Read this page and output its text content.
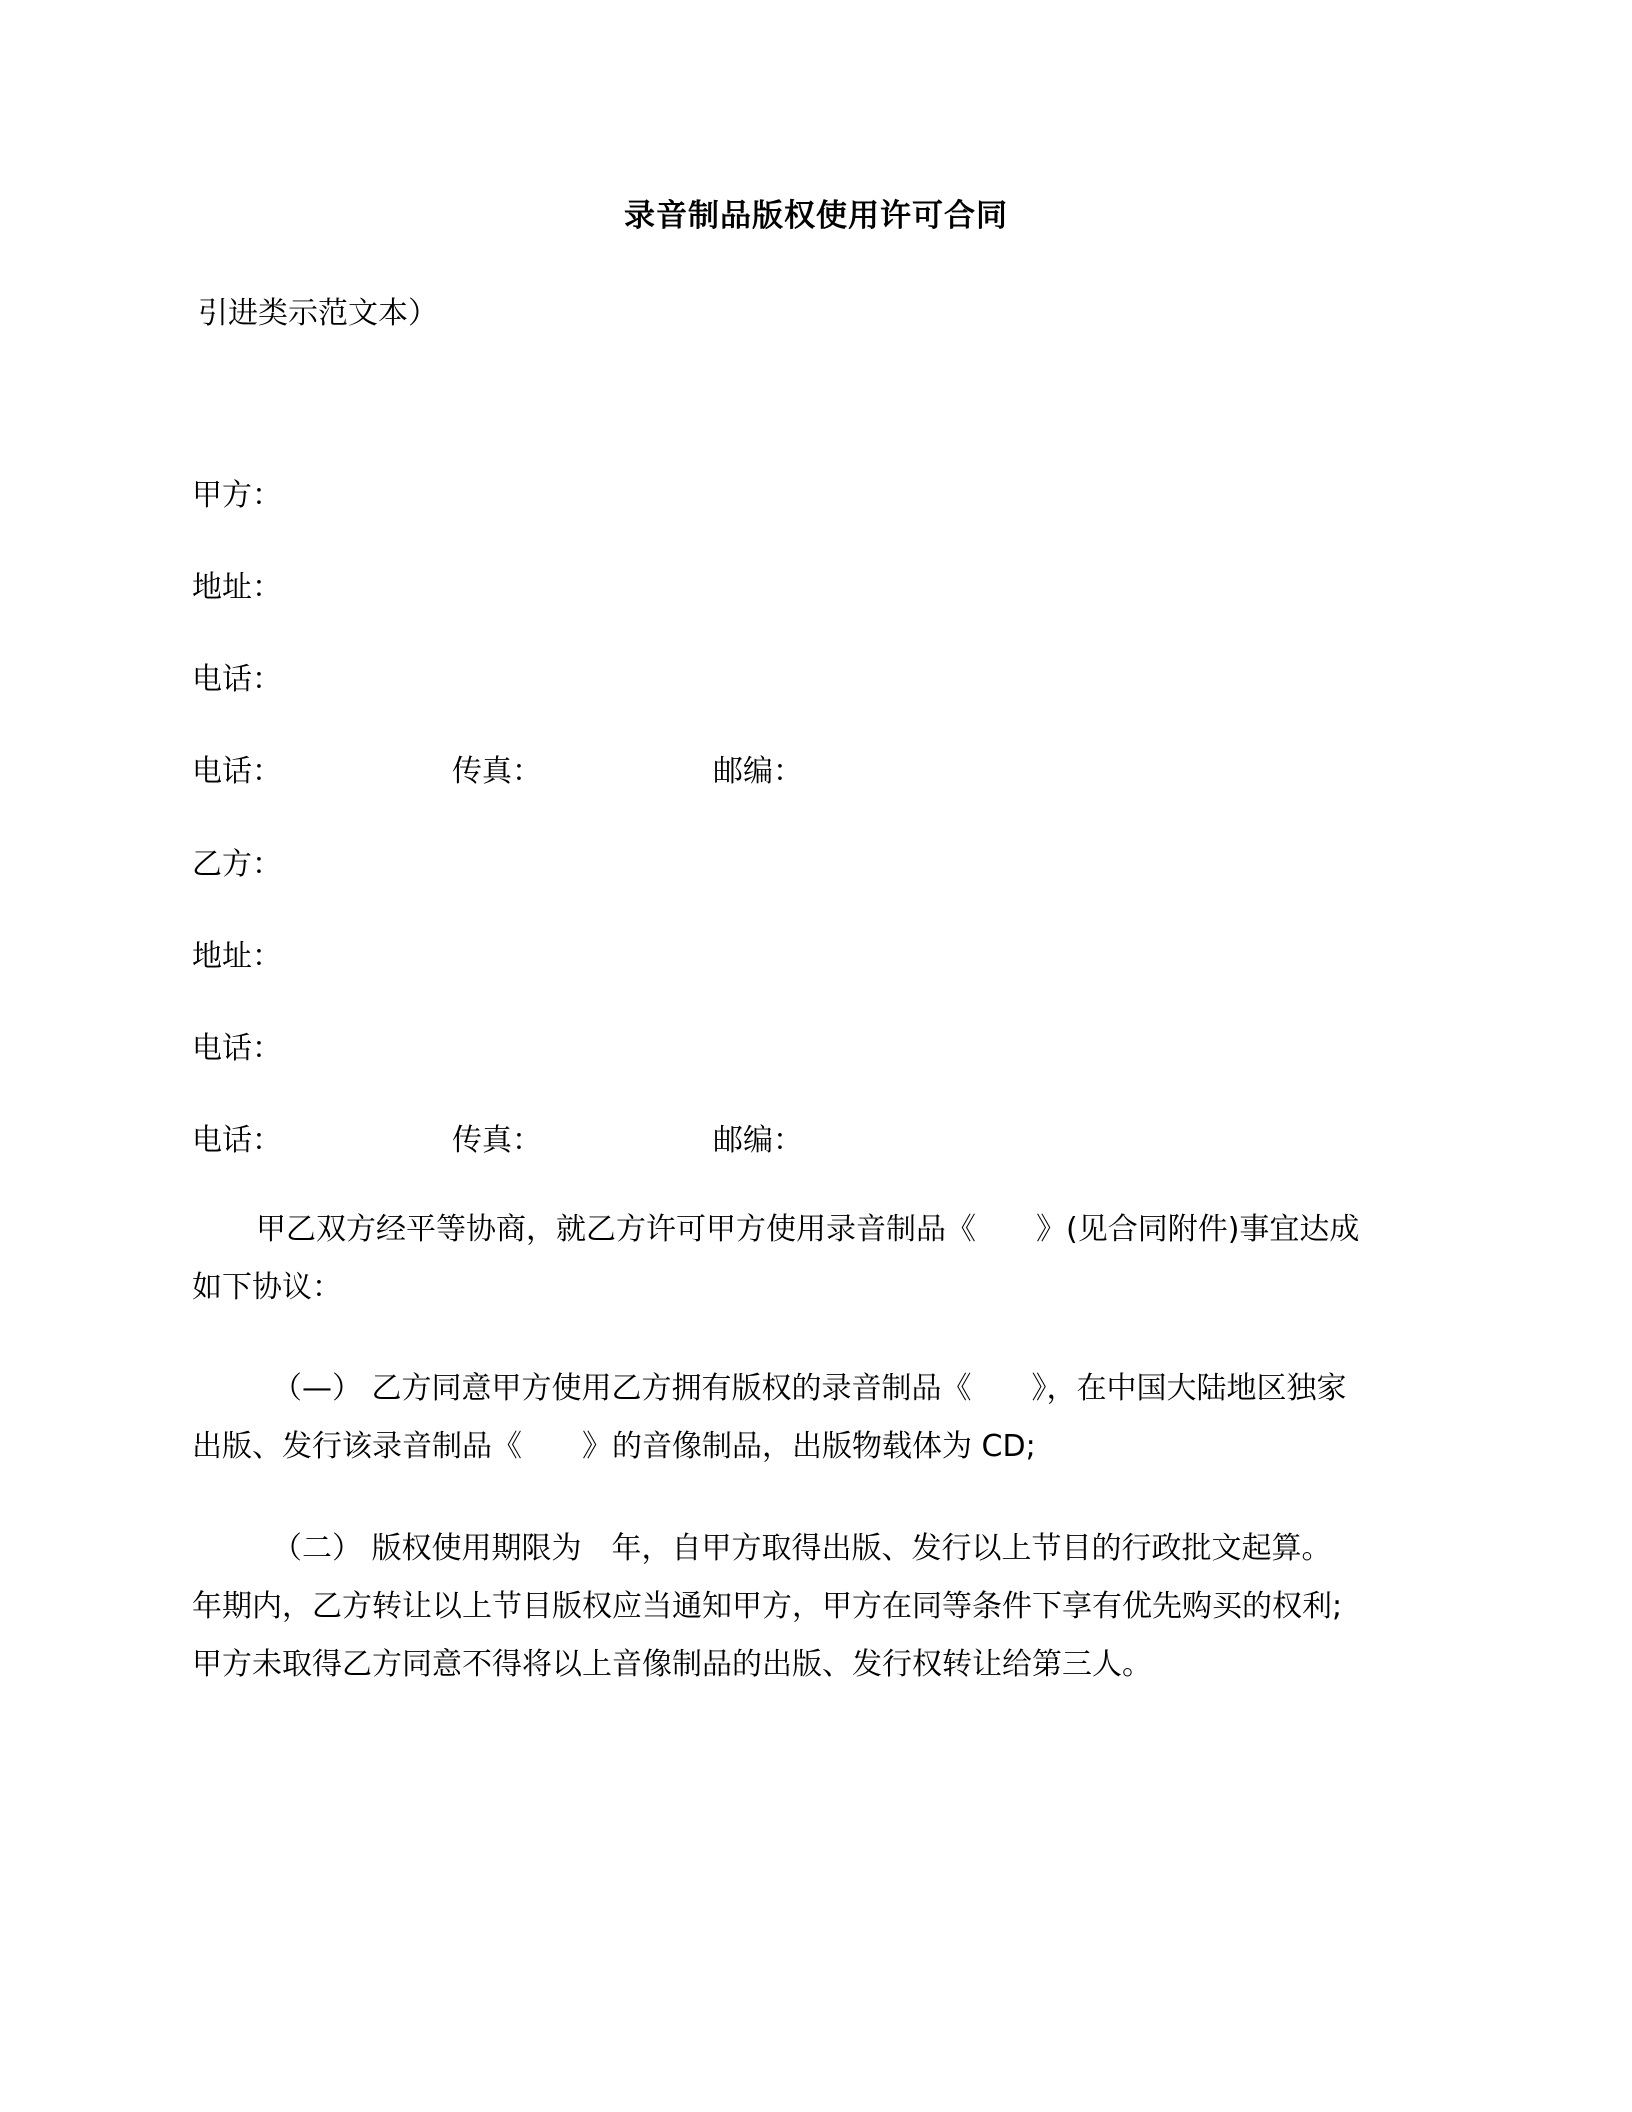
录音制品版权使用许可合同
引进类示范文本）
甲方：
地址：
电话：
电话：	传真：	邮编：
乙方：
地址：
电话：
电话：	传真：	邮编：
甲乙双方经平等协商，就乙方许可甲方使用录音制品《　　》(见合同附件)事宜达成
如下协议：
（—） 乙方同意甲方使用乙方拥有版权的录音制品《　　》，在中国大陆地区独家
出版、发行该录音制品《　　》的音像制品，出版物载体为 CD;
（二） 版权使用期限为　年，自甲方取得出版、发行以上节目的行政批文起算。
年期内，乙方转让以上节目版权应当通知甲方，甲方在同等条件下享有优先购买的权利;
甲方未取得乙方同意不得将以上音像制品的出版、发行权转让给第三人。
